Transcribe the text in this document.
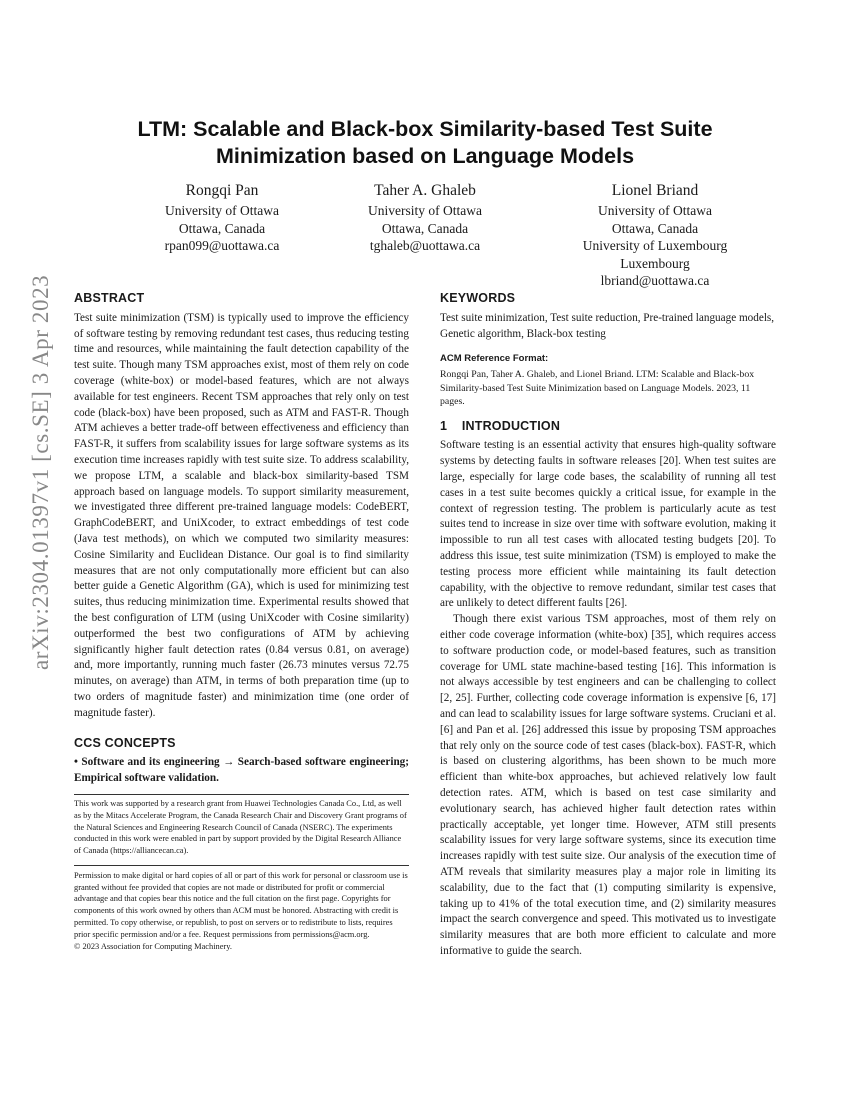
arXiv:2304.01397v1 [cs.SE] 3 Apr 2023
LTM: Scalable and Black-box Similarity-based Test Suite
Minimization based on Language Models
Rongqi Pan
University of Ottawa
Ottawa, Canada
rpan099@uottawa.ca
Taher A. Ghaleb
University of Ottawa
Ottawa, Canada
tghaleb@uottawa.ca
Lionel Briand
University of Ottawa
Ottawa, Canada
University of Luxembourg
Luxembourg
lbriand@uottawa.ca
ABSTRACT

Test suite minimization (TSM) is typically used to improve the efficiency of software testing by removing redundant test cases, thus reducing testing time and resources, while maintaining the fault detection capability of the test suite. Though many TSM approaches exist, most of them rely on code coverage (white-box) or model-based features, which are not always available for test engineers. Recent TSM approaches that rely only on test code (black-box) have been proposed, such as ATM and FAST-R. Though ATM achieves a better trade-off between effectiveness and efficiency than FAST-R, it suffers from scalability issues for large software systems as its execution time increases rapidly with test suite size. To address scalability, we propose LTM, a scalable and black-box similarity-based TSM approach based on language models. To support similarity measurement, we investigated three different pre-trained language models: CodeBERT, GraphCodeBERT, and UniXcoder, to extract embeddings of test code (Java test methods), on which we computed two similarity measures: Cosine Similarity and Euclidean Distance. Our goal is to find similarity measures that are not only computationally more efficient but can also better guide a Genetic Algorithm (GA), which is used for minimizing test suites, thus reducing minimization time. Experimental results showed that the best configuration of LTM (using UniXcoder with Cosine similarity) outperformed the best two configurations of ATM by achieving significantly higher fault detection rates (0.84 versus 0.81, on average) and, more importantly, running much faster (26.73 minutes versus 72.75 minutes, on average) than ATM, in terms of both preparation time (up to two orders of magnitude faster) and minimization time (one order of magnitude faster).

CCS CONCEPTS

• Software and its engineering → Search-based software engineering; Empirical software validation.

This work was supported by a research grant from Huawei Technologies Canada Co., Ltd, as well as by the Mitacs Accelerate Program, the Canada Research Chair and Discovery Grant programs of the Natural Sciences and Engineering Research Council of Canada (NSERC). The experiments conducted in this work were enabled in part by support provided by the Digital Research Alliance of Canada (https://alliancecan.ca).

Permission to make digital or hard copies of all or part of this work for personal or classroom use is granted without fee provided that copies are not made or distributed for profit or commercial advantage and that copies bear this notice and the full citation on the first page. Copyrights for components of this work owned by others than ACM must be honored. Abstracting with credit is permitted. To copy otherwise, or republish, to post on servers or to redistribute to lists, requires prior specific permission and/or a fee. Request permissions from permissions@acm.org.

© 2023 Association for Computing Machinery.

KEYWORDS

Test suite minimization, Test suite reduction, Pre-trained language models, Genetic algorithm, Black-box testing

ACM Reference Format:

Rongqi Pan, Taher A. Ghaleb, and Lionel Briand. LTM: Scalable and Black-box Similarity-based Test Suite Minimization based on Language Models. 2023, 11 pages.

1    INTRODUCTION

Software testing is an essential activity that ensures high-quality software systems by detecting faults in software releases [20]. When test suites are large, especially for large code bases, the scalability of running all test cases in a test suite becomes quickly a critical issue, for example in the context of regression testing. The problem is particularly acute as test suites tend to increase in size over time with software evolution, making it impossible to run all test cases with allocated testing budgets [20]. To address this issue, test suite minimization (TSM) is employed to make the testing process more efficient while maintaining its fault detection capability, with the objective to remove redundant, similar test cases that are unlikely to detect different faults [26].

Though there exist various TSM approaches, most of them rely on either code coverage information (white-box) [35], which requires access to software production code, or model-based features, such as transition coverage for UML state machine-based testing [16]. This information is not always accessible by test engineers and can be challenging to collect [2, 25]. Further, collecting code coverage information is expensive [6, 17] and can lead to scalability issues for large software systems. Cruciani et al. [6] and Pan et al. [26] addressed this issue by proposing TSM approaches that rely only on the source code of test cases (black-box). FAST-R, which is based on clustering algorithms, has been shown to be much more efficient than white-box approaches, but achieved relatively low fault detection rates. ATM, which is based on test case similarity and evolutionary search, has achieved higher fault detection rates within practically acceptable, yet longer time. However, ATM still presents scalability issues for very large software systems, since its execution time increases rapidly with test suite size. Our analysis of the execution time of ATM reveals that similarity measures play a major role in limiting its scalability, due to the fact that (1) computing similarity is expensive, taking up to 41% of the total execution time, and (2) similarity measures impact the search convergence and speed. This motivated us to investigate similarity measures that are both more efficient to calculate and more informative to guide the search.
